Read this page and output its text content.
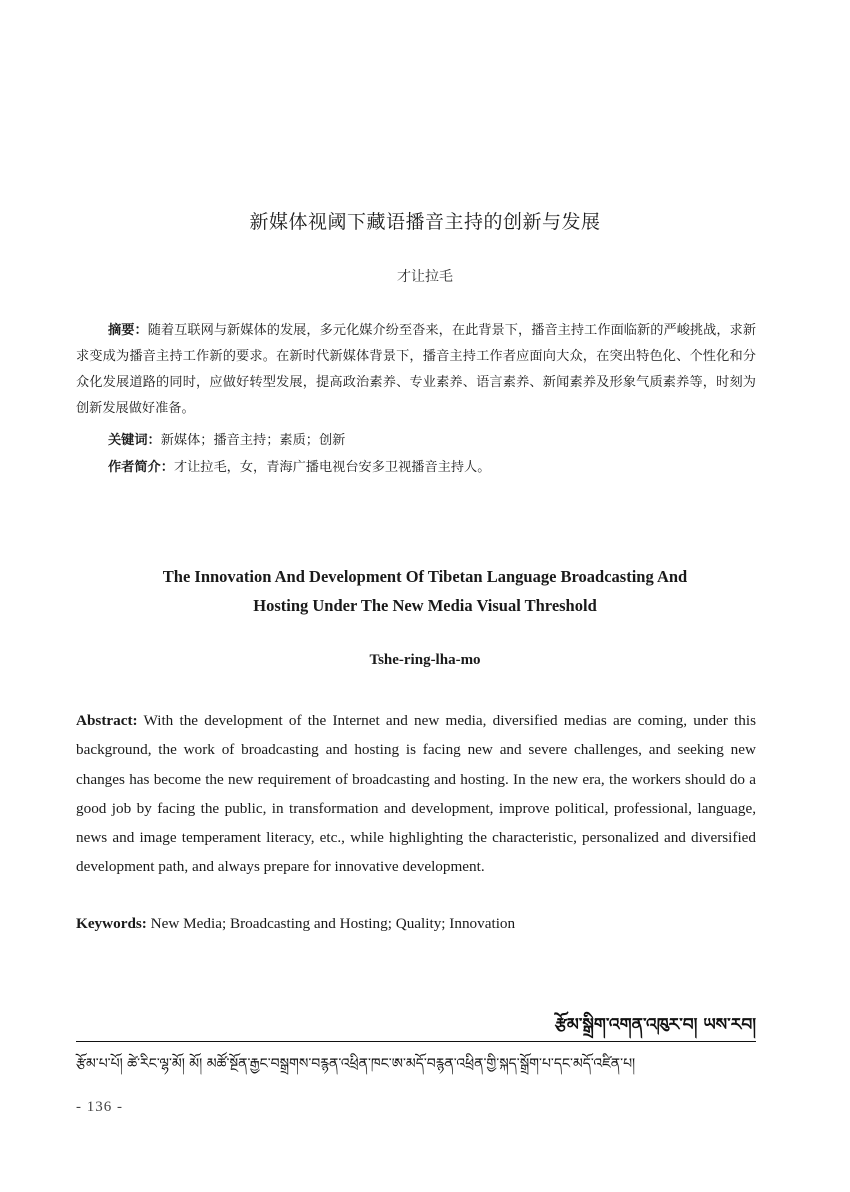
新媒体视阈下藏语播音主持的创新与发展
才让拉毛
摘要：随着互联网与新媒体的发展，多元化媒介纷至沓来，在此背景下，播音主持工作面临新的严峻挑战，求新求变成为播音主持工作新的要求。在新时代新媒体背景下，播音主持工作者应面向大众，在突出特色化、个性化和分众化发展道路的同时，应做好转型发展，提高政治素养、专业素养、语言素养、新闻素养及形象气质素养等，时刻为创新发展做好准备。
关键词：新媒体；播音主持；素质；创新
作者简介：才让拉毛，女，青海广播电视台安多卫视播音主持人。
The Innovation And Development Of Tibetan Language Broadcasting And
Hosting Under The New Media Visual Threshold
Tshe-ring-lha-mo
Abstract: With the development of the Internet and new media, diversified medias are coming, under this background, the work of broadcasting and hosting is facing new and severe challenges, and seeking new changes has become the new requirement of broadcasting and hosting. In the new era, the workers should do a good job by facing the public, in transformation and development, improve political, professional, language, news and image temperament literacy, etc., while highlighting the characteristic, personalized and diversified development path, and always prepare for innovative development.
Keywords: New Media; Broadcasting and Hosting; Quality; Innovation
རྩོམ་སྒྲིག་འགན་འཁུར་བ། ཡས་རབ།
རྩོམ་པ་པོ། ཚེ་རིང་ལྷ་མོ། མོ། མཚོ་སྔོན་རྒྱང་བསྒྲགས་བརྙན་འཕྲིན་ཁང་ཨ་མདོ་བརྙན་འཕྲིན་གྱི་སྐད་སྒྲོག་པ་དང་མདོ་འཛིན་པ།
- 136 -
